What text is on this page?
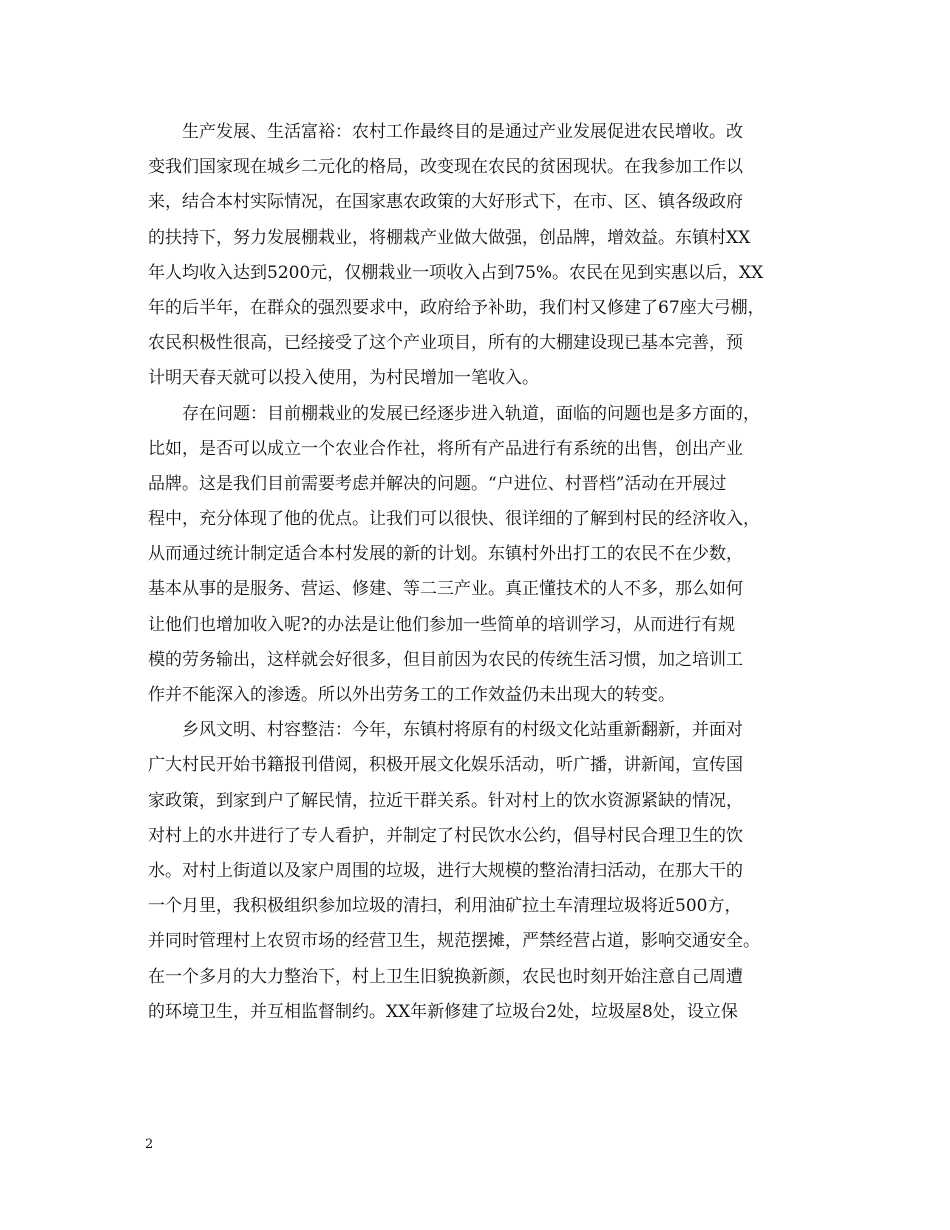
　　生产发展、生活富裕：农村工作最终目的是通过产业发展促进农民增收。改
变我们国家现在城乡二元化的格局，改变现在农民的贫困现状。在我参加工作以
来，结合本村实际情况，在国家惠农政策的大好形式下，在市、区、镇各级政府
的扶持下，努力发展棚栽业，将棚栽产业做大做强，创品牌，增效益。东镇村XX
年人均收入达到5200元，仅棚栽业一项收入占到75%。农民在见到实惠以后，XX
年的后半年，在群众的强烈要求中，政府给予补助，我们村又修建了67座大弓棚，
农民积极性很高，已经接受了这个产业项目，所有的大棚建设现已基本完善，预
计明天春天就可以投入使用，为村民增加一笔收入。
　　存在问题：目前棚栽业的发展已经逐步进入轨道，面临的问题也是多方面的，
比如，是否可以成立一个农业合作社，将所有产品进行有系统的出售，创出产业
品牌。这是我们目前需要考虑并解决的问题。“户进位、村晋档”活动在开展过
程中，充分体现了他的优点。让我们可以很快、很详细的了解到村民的经济收入，
从而通过统计制定适合本村发展的新的计划。东镇村外出打工的农民不在少数，
基本从事的是服务、营运、修建、等二三产业。真正懂技术的人不多，那么如何
让他们也增加收入呢?的办法是让他们参加一些简单的培训学习，从而进行有规
模的劳务输出，这样就会好很多，但目前因为农民的传统生活习惯，加之培训工
作并不能深入的渗透。所以外出劳务工的工作效益仍未出现大的转变。
　　乡风文明、村容整洁：今年，东镇村将原有的村级文化站重新翻新，并面对
广大村民开始书籍报刊借阅，积极开展文化娱乐活动，听广播，讲新闻，宣传国
家政策，到家到户了解民情，拉近干群关系。针对村上的饮水资源紧缺的情况，
对村上的水井进行了专人看护，并制定了村民饮水公约，倡导村民合理卫生的饮
水。对村上街道以及家户周围的垃圾，进行大规模的整治清扫活动，在那大干的
一个月里，我积极组织参加垃圾的清扫，利用油矿拉土车清理垃圾将近500方，
并同时管理村上农贸市场的经营卫生，规范摆摊，严禁经营占道，影响交通安全。
在一个多月的大力整治下，村上卫生旧貌换新颜，农民也时刻开始注意自己周遭
的环境卫生，并互相监督制约。XX年新修建了垃圾台2处，垃圾屋8处，设立保
2
